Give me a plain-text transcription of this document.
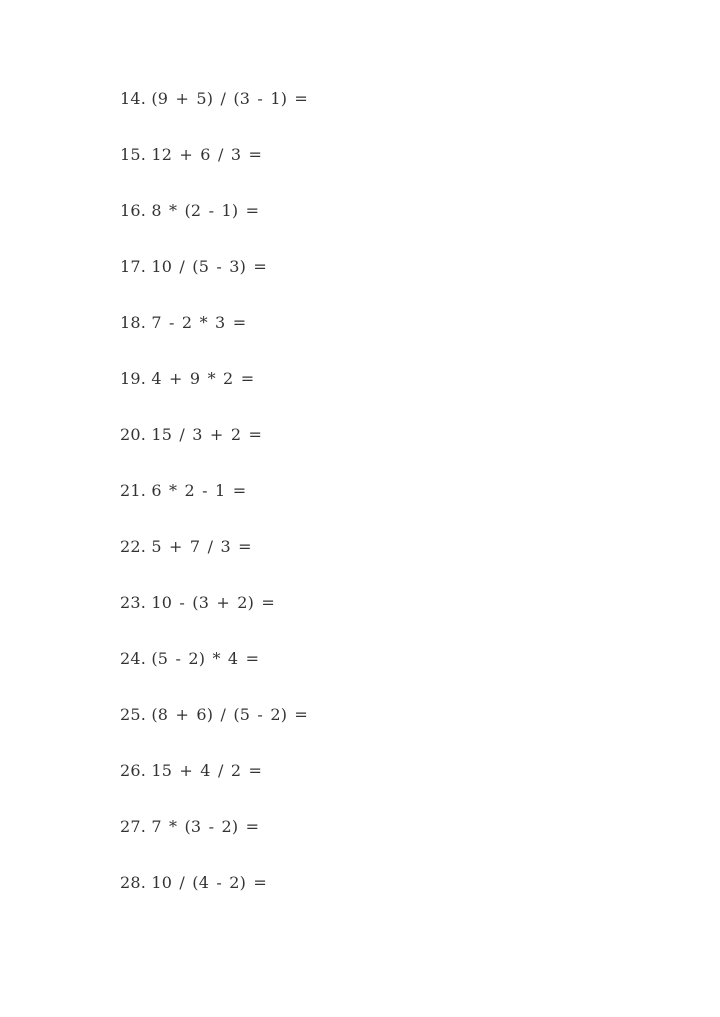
14. (9 + 5) / (3 - 1) =
15. 12 + 6 / 3 =
16. 8 * (2 - 1) =
17. 10 / (5 - 3) =
18. 7 - 2 * 3 =
19. 4 + 9 * 2 =
20. 15 / 3 + 2 =
21. 6 * 2 - 1 =
22. 5 + 7 / 3 =
23. 10 - (3 + 2) =
24. (5 - 2) * 4 =
25. (8 + 6) / (5 - 2) =
26. 15 + 4 / 2 =
27. 7 * (3 - 2) =
28. 10 / (4 - 2) =
